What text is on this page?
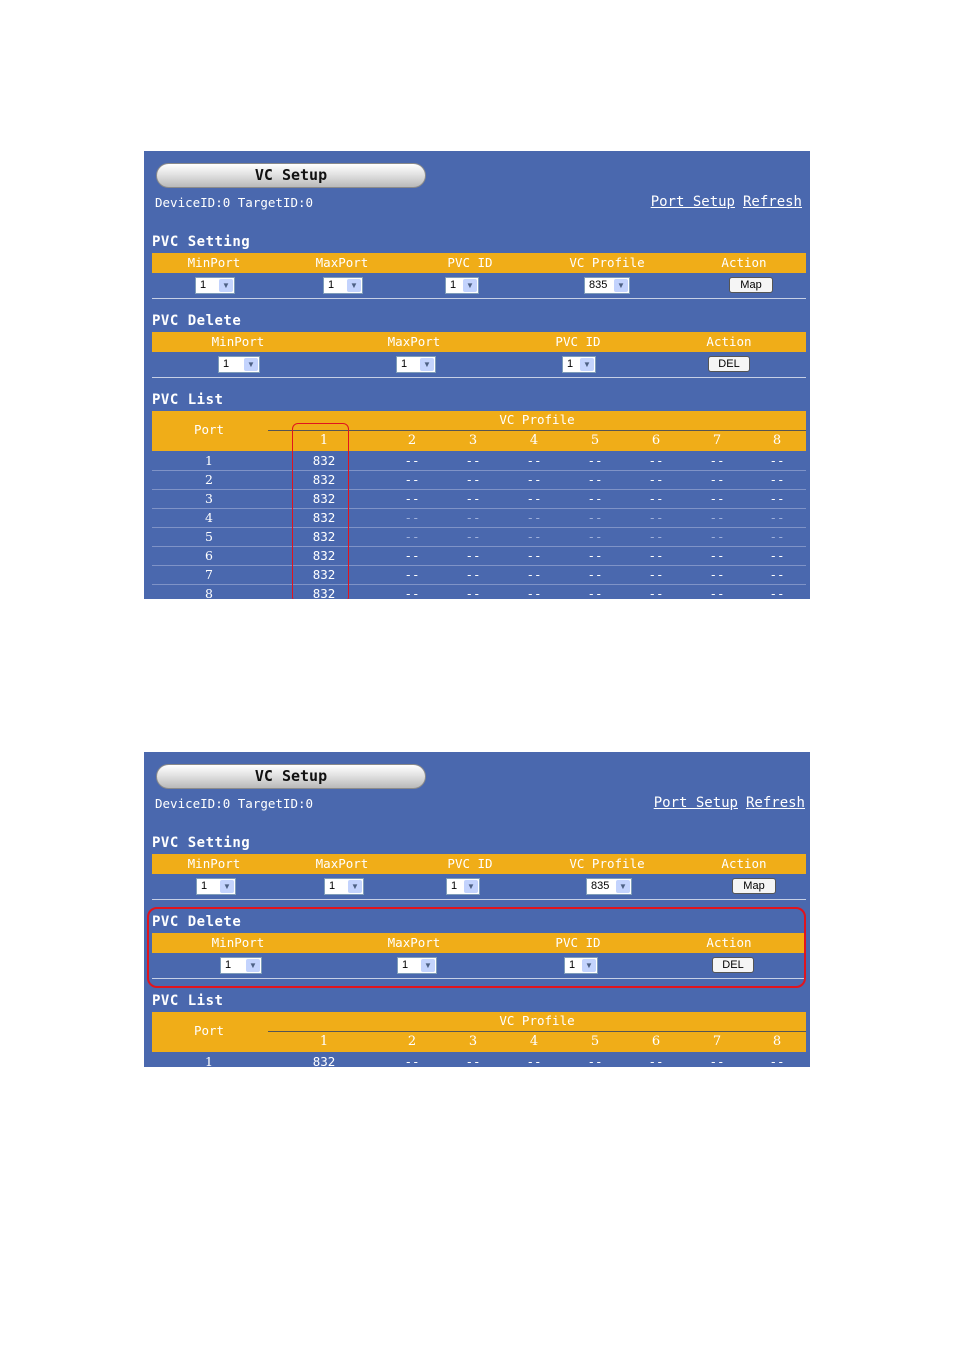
VC Setup
DeviceID:0 TargetID:0	Port Setup Refresh
PVC Setting
MinPort	MaxPort	PVC ID	VC Profile	Action
1	▼	1	▼	1	▼	835	▼	Map
PVC Delete
MinPort	MaxPort	PVC ID	Action
1	▼	1	▼	1	▼	DEL
PVC List
Port
VC Profile
1	2	3	4	5	6	7	8
1	832	--	--	--	--	--	--	--
2	832	--	--	--	--	--	--	--
3	832	--	--	--	--	--	--	--
4	832	--	--	--	--	--	--	--
5	832	--	--	--	--	--	--	--
6	832	--	--	--	--	--	--	--
7	832	--	--	--	--	--	--	--
8	832	--	--	--	--	--	--	--
VC Setup
DeviceID:0 TargetID:0	Port Setup Refresh
PVC Setting
MinPort	MaxPort	PVC ID	VC Profile	Action
1	▼	1	▼	1	▼	835	▼	Map
PVC Delete
MinPort	MaxPort	PVC ID	Action
1	▼	1	▼	1	▼	DEL
PVC List
Port
VC Profile
1	2	3	4	5	6	7	8
1	832	--	--	--	--	--	--	--
